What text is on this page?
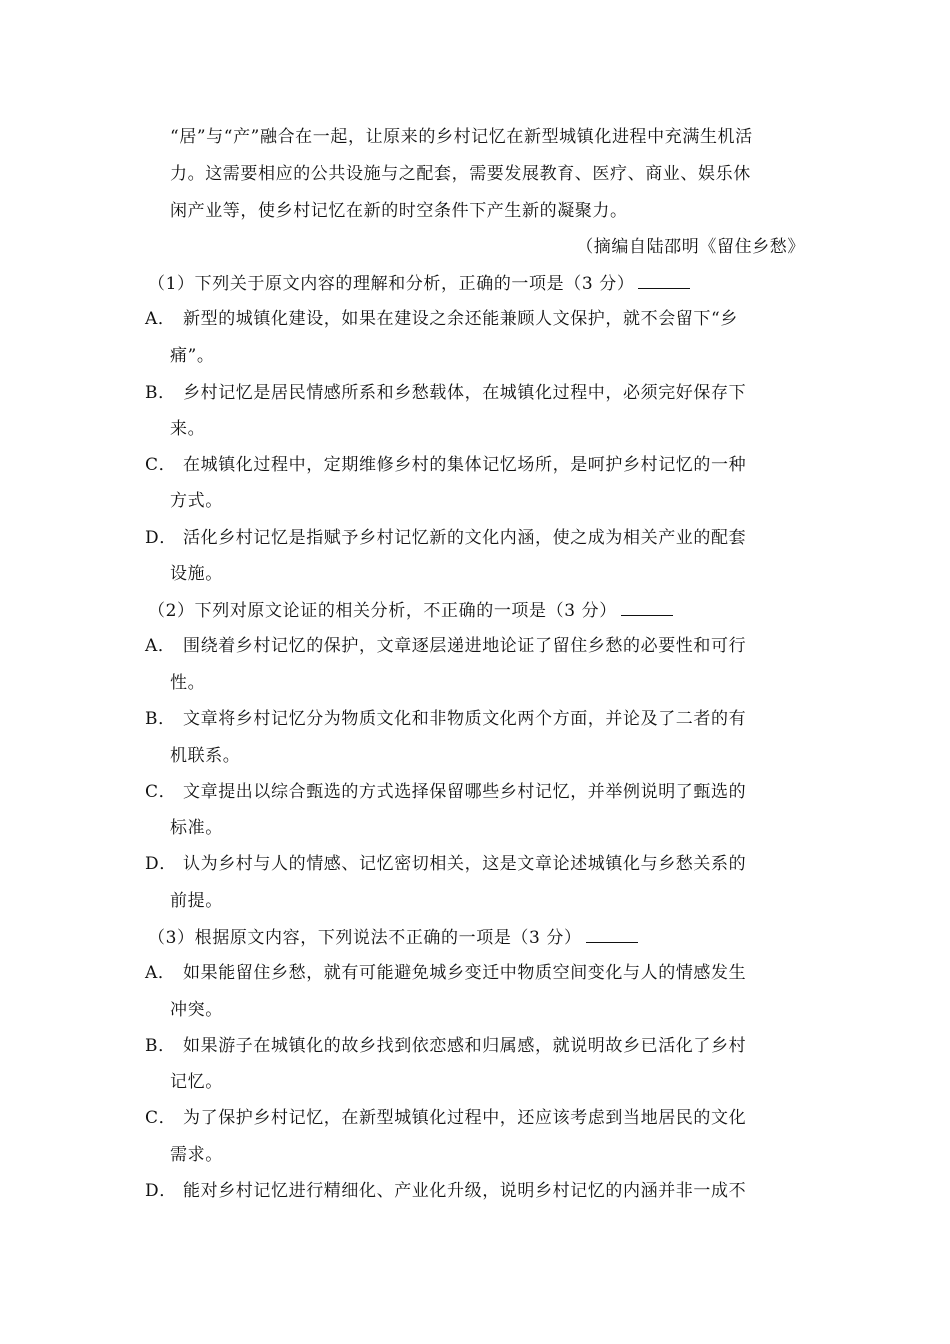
“居”与“产”融合在一起，让原来的乡村记忆在新型城镇化进程中充满生机活
力。这需要相应的公共设施与之配套，需要发展教育、医疗、商业、娱乐休
闲产业等，使乡村记忆在新的时空条件下产生新的凝聚力。
（摘编自陆邵明《留住乡愁》
（1）下列关于原文内容的理解和分析，正确的一项是（3 分）
A． 新型的城镇化建设，如果在建设之余还能兼顾人文保护，就不会留下“乡
痛”。
B． 乡村记忆是居民情感所系和乡愁载体，在城镇化过程中，必须完好保存下
来。
C． 在城镇化过程中，定期维修乡村的集体记忆场所，是呵护乡村记忆的一种
方式。
D． 活化乡村记忆是指赋予乡村记忆新的文化内涵，使之成为相关产业的配套
设施。
（2）下列对原文论证的相关分析，不正确的一项是（3 分）
A． 围绕着乡村记忆的保护，文章逐层递进地论证了留住乡愁的必要性和可行
性。
B． 文章将乡村记忆分为物质文化和非物质文化两个方面，并论及了二者的有
机联系。
C． 文章提出以综合甄选的方式选择保留哪些乡村记忆，并举例说明了甄选的
标准。
D． 认为乡村与人的情感、记忆密切相关，这是文章论述城镇化与乡愁关系的
前提。
（3）根据原文内容，下列说法不正确的一项是（3 分）
A． 如果能留住乡愁，就有可能避免城乡变迁中物质空间变化与人的情感发生
冲突。
B． 如果游子在城镇化的故乡找到依恋感和归属感，就说明故乡已活化了乡村
记忆。
C． 为了保护乡村记忆，在新型城镇化过程中，还应该考虑到当地居民的文化
需求。
D． 能对乡村记忆进行精细化、产业化升级，说明乡村记忆的内涵并非一成不
